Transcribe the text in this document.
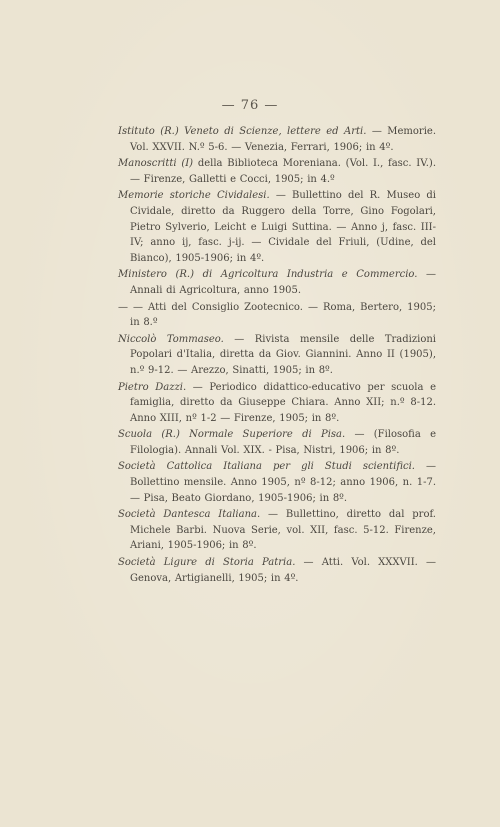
— 76 —

Istituto (R.) Veneto di Scienze, lettere ed Arti. — Memorie. Vol. XXVII. N.º 5-6. — Venezia, Ferrari, 1906; in 4º.

Manoscritti (I) della Biblioteca Moreniana. (Vol. I., fasc. IV.). — Firenze, Galletti e Cocci, 1905; in 4.º

Memorie storiche Cividalesi. — Bullettino del R. Museo di Cividale, diretto da Ruggero della Torre, Gino Fogolari, Pietro Sylverio, Leicht e Luigi Suttina. — Anno j, fasc. III-IV; anno ij, fasc. j-ij. — Cividale del Friuli, (Udine, del Bianco), 1905-1906; in 4º.

Ministero (R.) di Agricoltura Industria e Commercio. — Annali di Agricoltura, anno 1905.

— — Atti del Consiglio Zootecnico. — Roma, Bertero, 1905; in 8.º

Niccolò Tommaseo. — Rivista mensile delle Tradizioni Popolari d'Italia, diretta da Giov. Giannini. Anno II (1905), n.º 9-12. — Arezzo, Sinatti, 1905; in 8º.

Pietro Dazzi. — Periodico didattico-educativo per scuola e famiglia, diretto da Giuseppe Chiara. Anno XII; n.º 8-12. Anno XIII, nº 1-2 — Firenze, 1905; in 8º.

Scuola (R.) Normale Superiore di Pisa. — (Filosofia e Filologia). Annali Vol. XIX. - Pisa, Nistri, 1906; in 8º.

Società Cattolica Italiana per gli Studi scientifici. — Bollettino mensile. Anno 1905, nº 8-12; anno 1906, n. 1-7. — Pisa, Beato Giordano, 1905-1906; in 8º.

Società Dantesca Italiana. — Bullettino, diretto dal prof. Michele Barbi. Nuova Serie, vol. XII, fasc. 5-12. Firenze, Ariani, 1905-1906; in 8º.

Società Ligure di Storia Patria. — Atti. Vol. XXXVII. — Genova, Artigianelli, 1905; in 4º.
